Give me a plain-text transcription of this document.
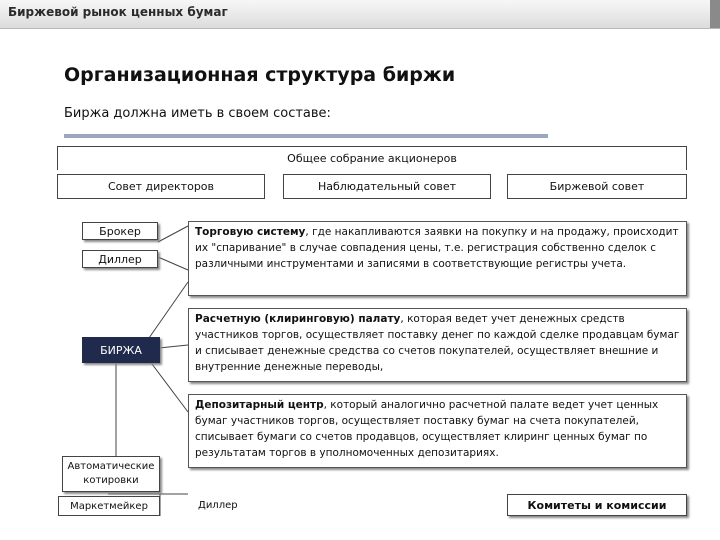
Биржевой рынок ценных бумаг
Организационная структура биржи
Биржа должна иметь в своем составе:
Общее собрание акционеров
Совет директоров	Наблюдательный совет	Биржевой совет
Брокер
Диллер
БИРЖА
Автоматические котировки
Маркетмейкер	Диллер
Торговую систему, где накапливаются заявки на покупку и на продажу, происходит их "спаривание" в случае совпадения цены, т.е. регистрация собственно сделок с различными инструментами и записями в соответствующие регистры учета.
Расчетную (клиринговую) палату, которая ведет учет денежных средств участников торгов, осуществляет поставку денег по каждой сделке продавцам бумаг и списывает денежные средства со счетов покупателей, осуществляет внешние и внутренние денежные переводы,
Депозитарный центр, который аналогично расчетной палате ведет учет ценных бумаг участников торгов, осуществляет поставку бумаг на счета покупателей, списывает бумаги со счетов продавцов, осуществляет клиринг ценных бумаг по результатам торгов в уполномоченных депозитариях.
Комитеты и комиссии
